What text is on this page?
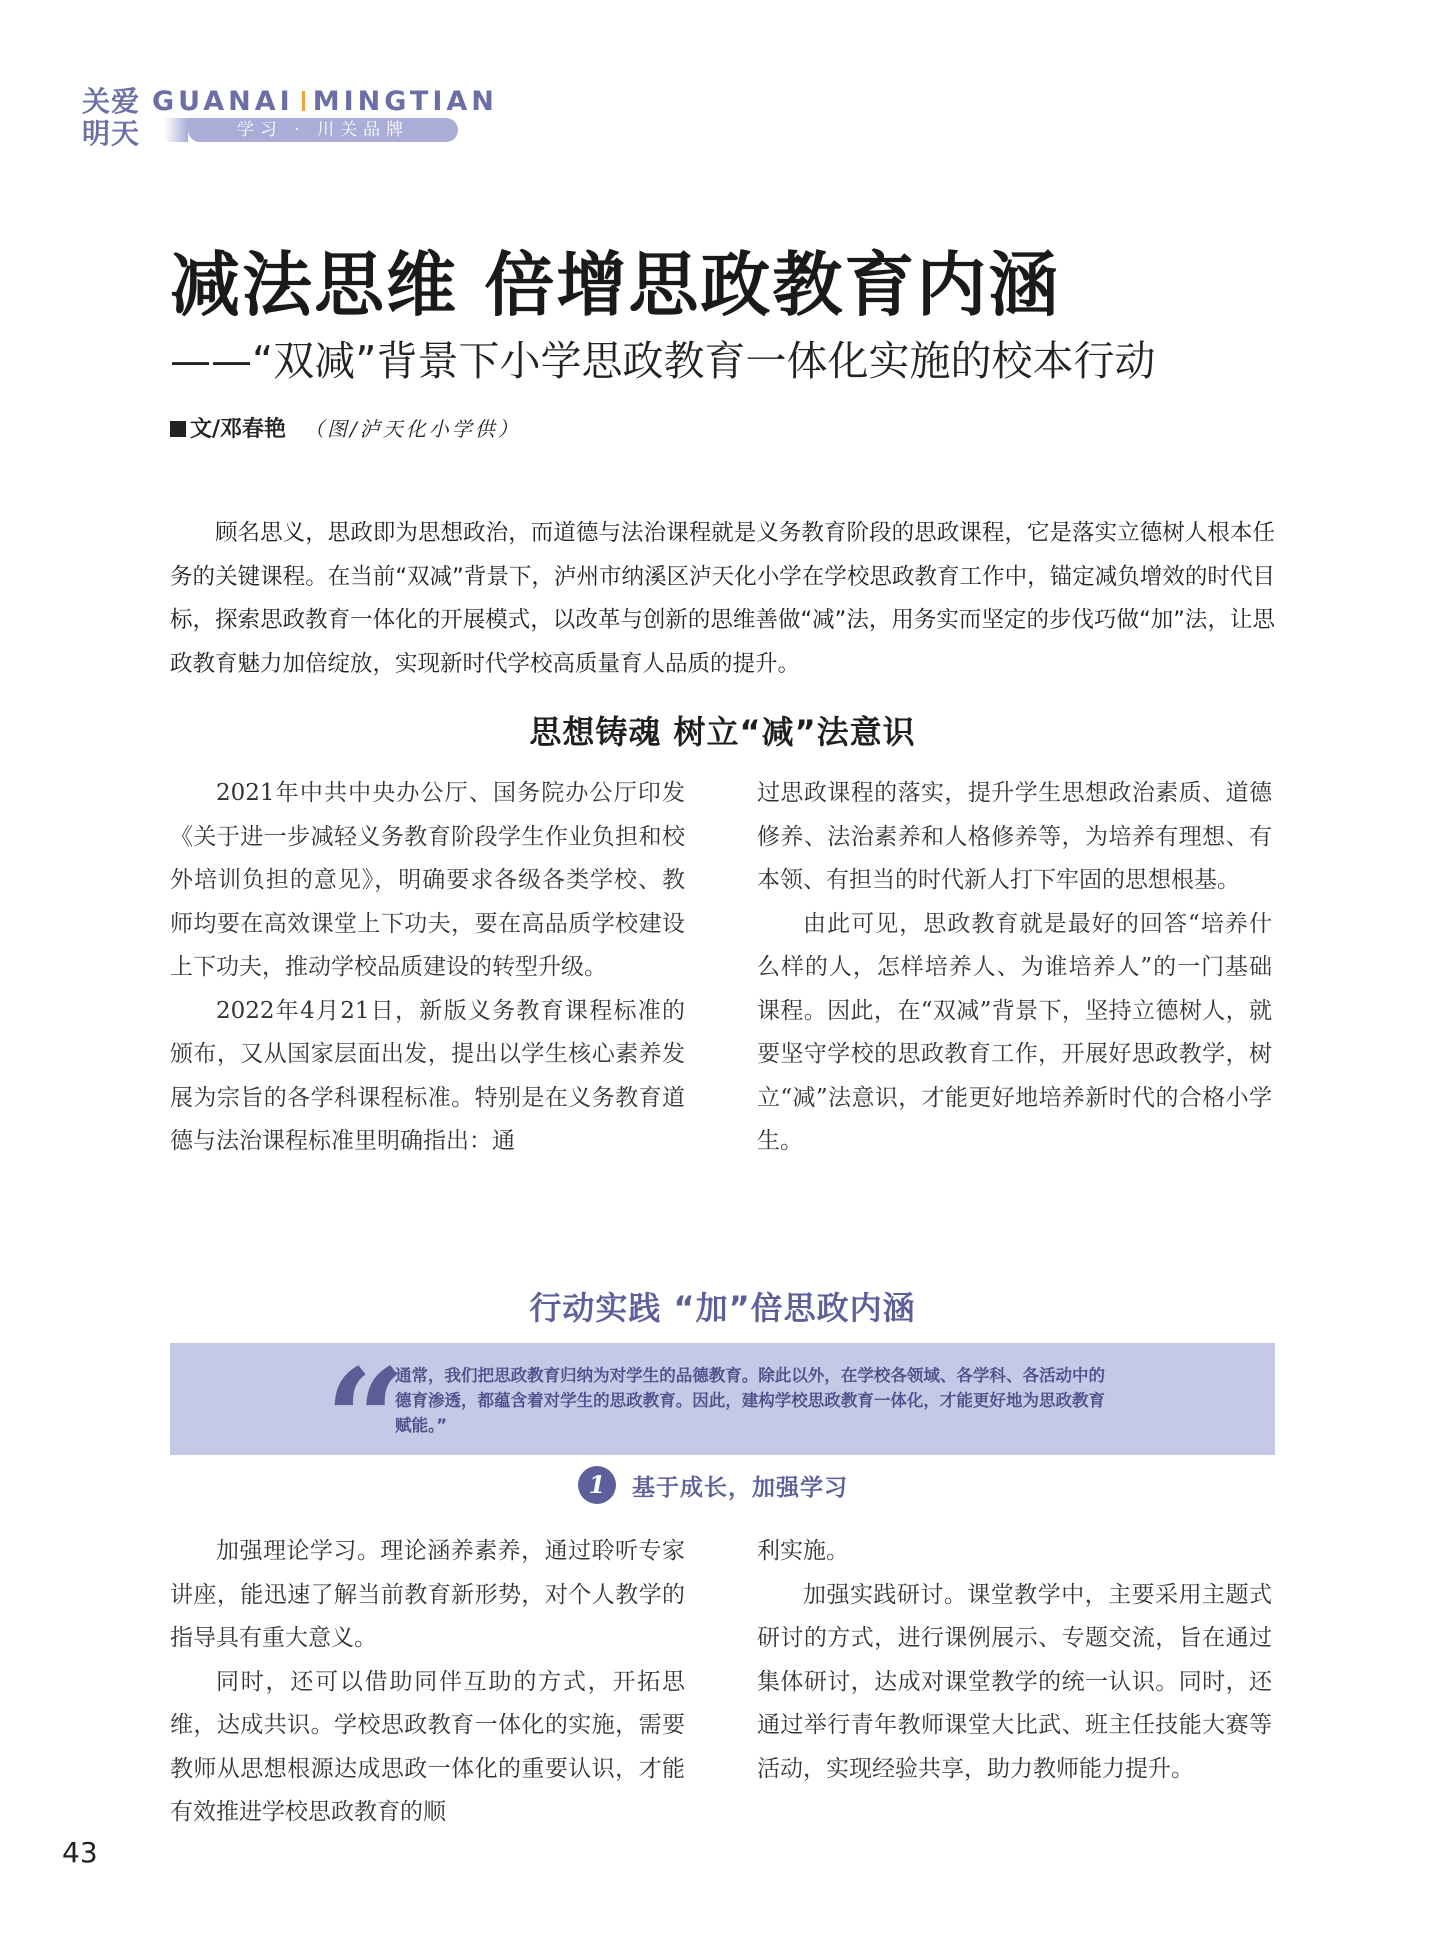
关爱明天
GUANAI MINGTIAN
学习 · 川关品牌
减法思维 倍增思政教育内涵
——“双减”背景下小学思政教育一体化实施的校本行动
文/邓春艳 （图/泸天化小学供）
顾名思义，思政即为思想政治，而道德与法治课程就是义务教育阶段的思政课程，它是落实立德树人根本任务的关键课程。在当前“双减”背景下，泸州市纳溪区泸天化小学在学校思政教育工作中，锚定减负增效的时代目标，探索思政教育一体化的开展模式，以改革与创新的思维善做“减”法，用务实而坚定的步伐巧做“加”法，让思政教育魅力加倍绽放，实现新时代学校高质量育人品质的提升。
思想铸魂 树立“减”法意识

2021年中共中央办公厅、国务院办公厅印发《关于进一步减轻义务教育阶段学生作业负担和校外培训负担的意见》，明确要求各级各类学校、教师均要在高效课堂上下功夫，要在高品质学校建设上下功夫，推动学校品质建设的转型升级。

2022年4月21日，新版义务教育课程标准的颁布，又从国家层面出发，提出以学生核心素养发展为宗旨的各学科课程标准。特别是在义务教育道德与法治课程标准里明确指出：通

过思政课程的落实，提升学生思想政治素质、道德修养、法治素养和人格修养等，为培养有理想、有本领、有担当的时代新人打下牢固的思想根基。

由此可见，思政教育就是最好的回答“培养什么样的人，怎样培养人、为谁培养人”的一门基础课程。因此，在“双减”背景下，坚持立德树人，就要坚守学校的思政教育工作，开展好思政教学，树立“减”法意识，才能更好地培养新时代的合格小学生。

行动实践 “加”倍思政内涵
“
通常，我们把思政教育归纳为对学生的品德教育。除此以外，在学校各领域、各学科、各活动中的德育渗透，都蕴含着对学生的思政教育。因此，建构学校思政教育一体化，才能更好地为思政教育赋能。”
1 基于成长，加强学习

加强理论学习。理论涵养素养，通过聆听专家讲座，能迅速了解当前教育新形势，对个人教学的指导具有重大意义。

同时，还可以借助同伴互助的方式，开拓思维，达成共识。学校思政教育一体化的实施，需要教师从思想根源达成思政一体化的重要认识，才能有效推进学校思政教育的顺

利实施。

加强实践研讨。课堂教学中，主要采用主题式研讨的方式，进行课例展示、专题交流，旨在通过集体研讨，达成对课堂教学的统一认识。同时，还通过举行青年教师课堂大比武、班主任技能大赛等活动，实现经验共享，助力教师能力提升。

43
